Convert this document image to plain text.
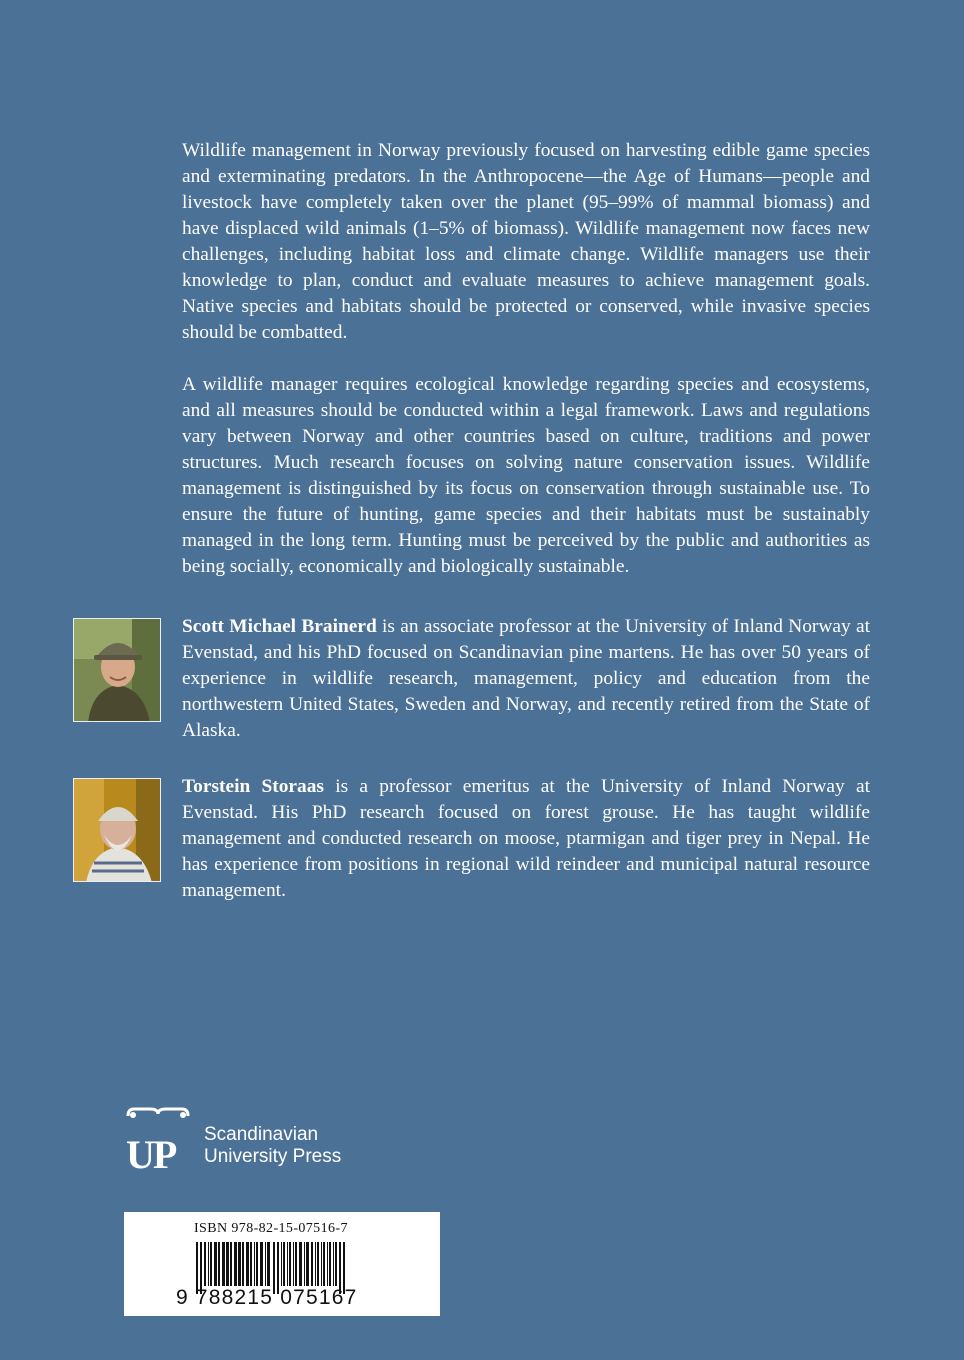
Wildlife management in Norway previously focused on harvesting edible game species and exterminating predators. In the Anthropocene—the Age of Humans—people and livestock have completely taken over the planet (95–99% of mammal biomass) and have displaced wild animals (1–5% of biomass). Wildlife management now faces new challenges, including habitat loss and climate change. Wildlife managers use their knowledge to plan, conduct and evaluate measures to achieve management goals. Native species and habitats should be protected or conserved, while invasive species should be combatted.

A wildlife manager requires ecological knowledge regarding species and ecosystems, and all measures should be conducted within a legal framework. Laws and regulations vary between Norway and other countries based on culture, traditions and power structures. Much research focuses on solving nature conservation issues. Wildlife management is distinguished by its focus on conservation through sustainable use. To ensure the future of hunting, game species and their habitats must be sustainably managed in the long term. Hunting must be perceived by the public and authorities as being socially, economically and biologically sustainable.

Scott Michael Brainerd is an associate professor at the University of Inland Norway at Evenstad, and his PhD focused on Scandinavian pine martens. He has over 50 years of experience in wildlife research, management, policy and education from the northwestern United States, Sweden and Norway, and recently retired from the State of Alaska.
Torstein Storaas is a professor emeritus at the University of Inland Norway at Evenstad. His PhD research focused on forest grouse. He has taught wildlife management and conducted research on moose, ptarmigan and tiger prey in Nepal. He has experience from positions in regional wild reindeer and municipal natural resource management.
UP Scandinavian
University Press
ISBN 978-82-15-07516-7
9 788215 075167
